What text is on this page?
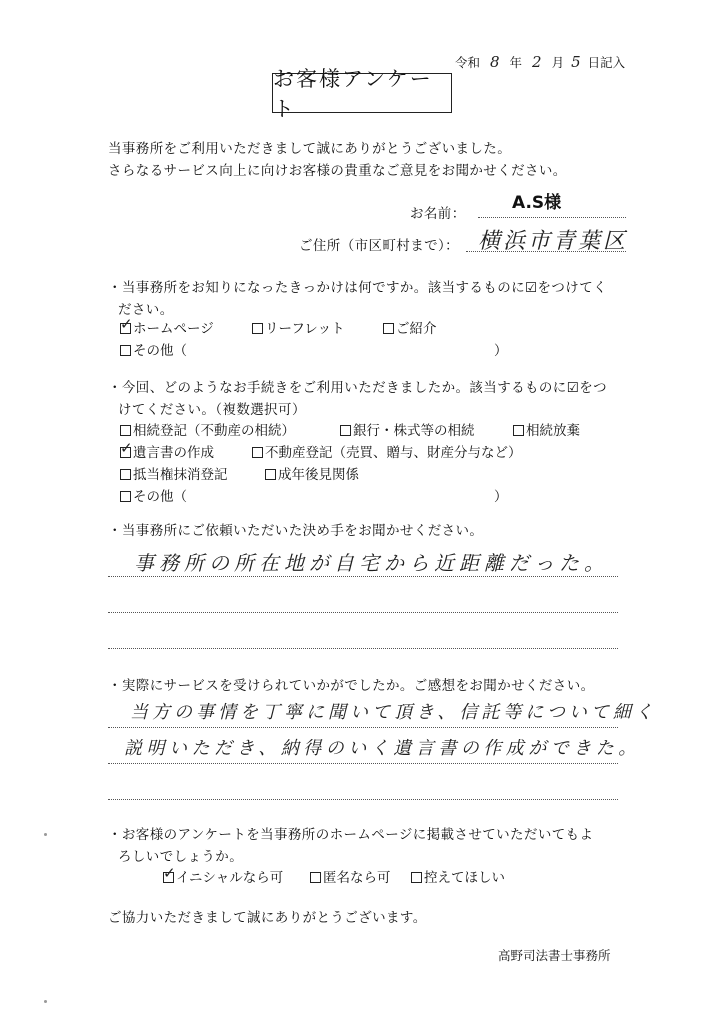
令和 8 年 2 月 5 日記入
お客様アンケート
当事務所をご利用いただきまして誠にありがとうございました。
さらなるサービス向上に向けお客様の貴重なご意見をお聞かせください。
お名前：
A.S様
ご住所（市区町村まで）： 横浜市青葉区
・当事務所をお知りになったきっかけは何ですか。該当するものに☑をつけてく
ださい。
✓ ホームページ	リーフレット	ご紹介
その他（	）
・今回、どのようなお手続きをご利用いただきましたか。該当するものに☑をつ
けてください。（複数選択可）
相続登記（不動産の相続）	銀行・株式等の相続	相続放棄
✓ 遺言書の作成	不動産登記（売買、贈与、財産分与など）
抵当権抹消登記	成年後見関係
その他（	）
・当事務所にご依頼いただいた決め手をお聞かせください。
事務所の所在地が自宅から近距離だった。
・実際にサービスを受けられていかがでしたか。ご感想をお聞かせください。
当方の事情を丁寧に聞いて頂き、信託等について細く
説明いただき、納得のいく遺言書の作成ができた。
・お客様のアンケートを当事務所のホームページに掲載させていただいてもよ
ろしいでしょうか。
✓ イニシャルなら可	匿名なら可	控えてほしい
ご協力いただきまして誠にありがとうございます。
高野司法書士事務所
